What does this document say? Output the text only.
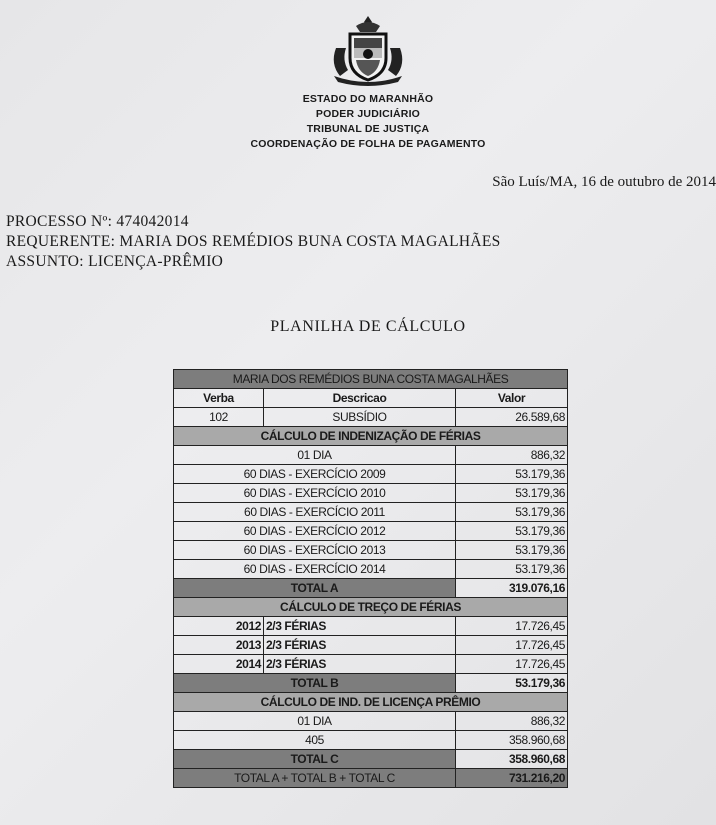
ESTADO DO MARANHÃO
PODER JUDICIÁRIO
TRIBUNAL DE JUSTIÇA
COORDENAÇÃO DE FOLHA DE PAGAMENTO
São Luís/MA, 16 de outubro de 2014
PROCESSO Nº: 474042014
REQUERENTE: MARIA DOS REMÉDIOS BUNA COSTA MAGALHÃES
ASSUNTO: LICENÇA-PRÊMIO
PLANILHA DE CÁLCULO
MARIA DOS REMÉDIOS BUNA COSTA MAGALHÃES		
Verba	Descricao	Valor
102	SUBSÍDIO	26.589,68
CÁLCULO DE INDENIZAÇÃO DE FÉRIAS		
01 DIA		886,32
60 DIAS - EXERCÍCIO 2009		53.179,36
60 DIAS - EXERCÍCIO 2010		53.179,36
60 DIAS - EXERCÍCIO 2011		53.179,36
60 DIAS - EXERCÍCIO 2012		53.179,36
60 DIAS - EXERCÍCIO 2013		53.179,36
60 DIAS - EXERCÍCIO 2014		53.179,36
TOTAL A		319.076,16
CÁLCULO DE TREÇO DE FÉRIAS		
2012	2/3 FÉRIAS	17.726,45
2013	2/3 FÉRIAS	17.726,45
2014	2/3 FÉRIAS	17.726,45
TOTAL B		53.179,36
CÁLCULO DE IND. DE LICENÇA PRÊMIO		
01 DIA		886,32
405		358.960,68
TOTAL C		358.960,68
TOTAL A + TOTAL B + TOTAL C		731.216,20
